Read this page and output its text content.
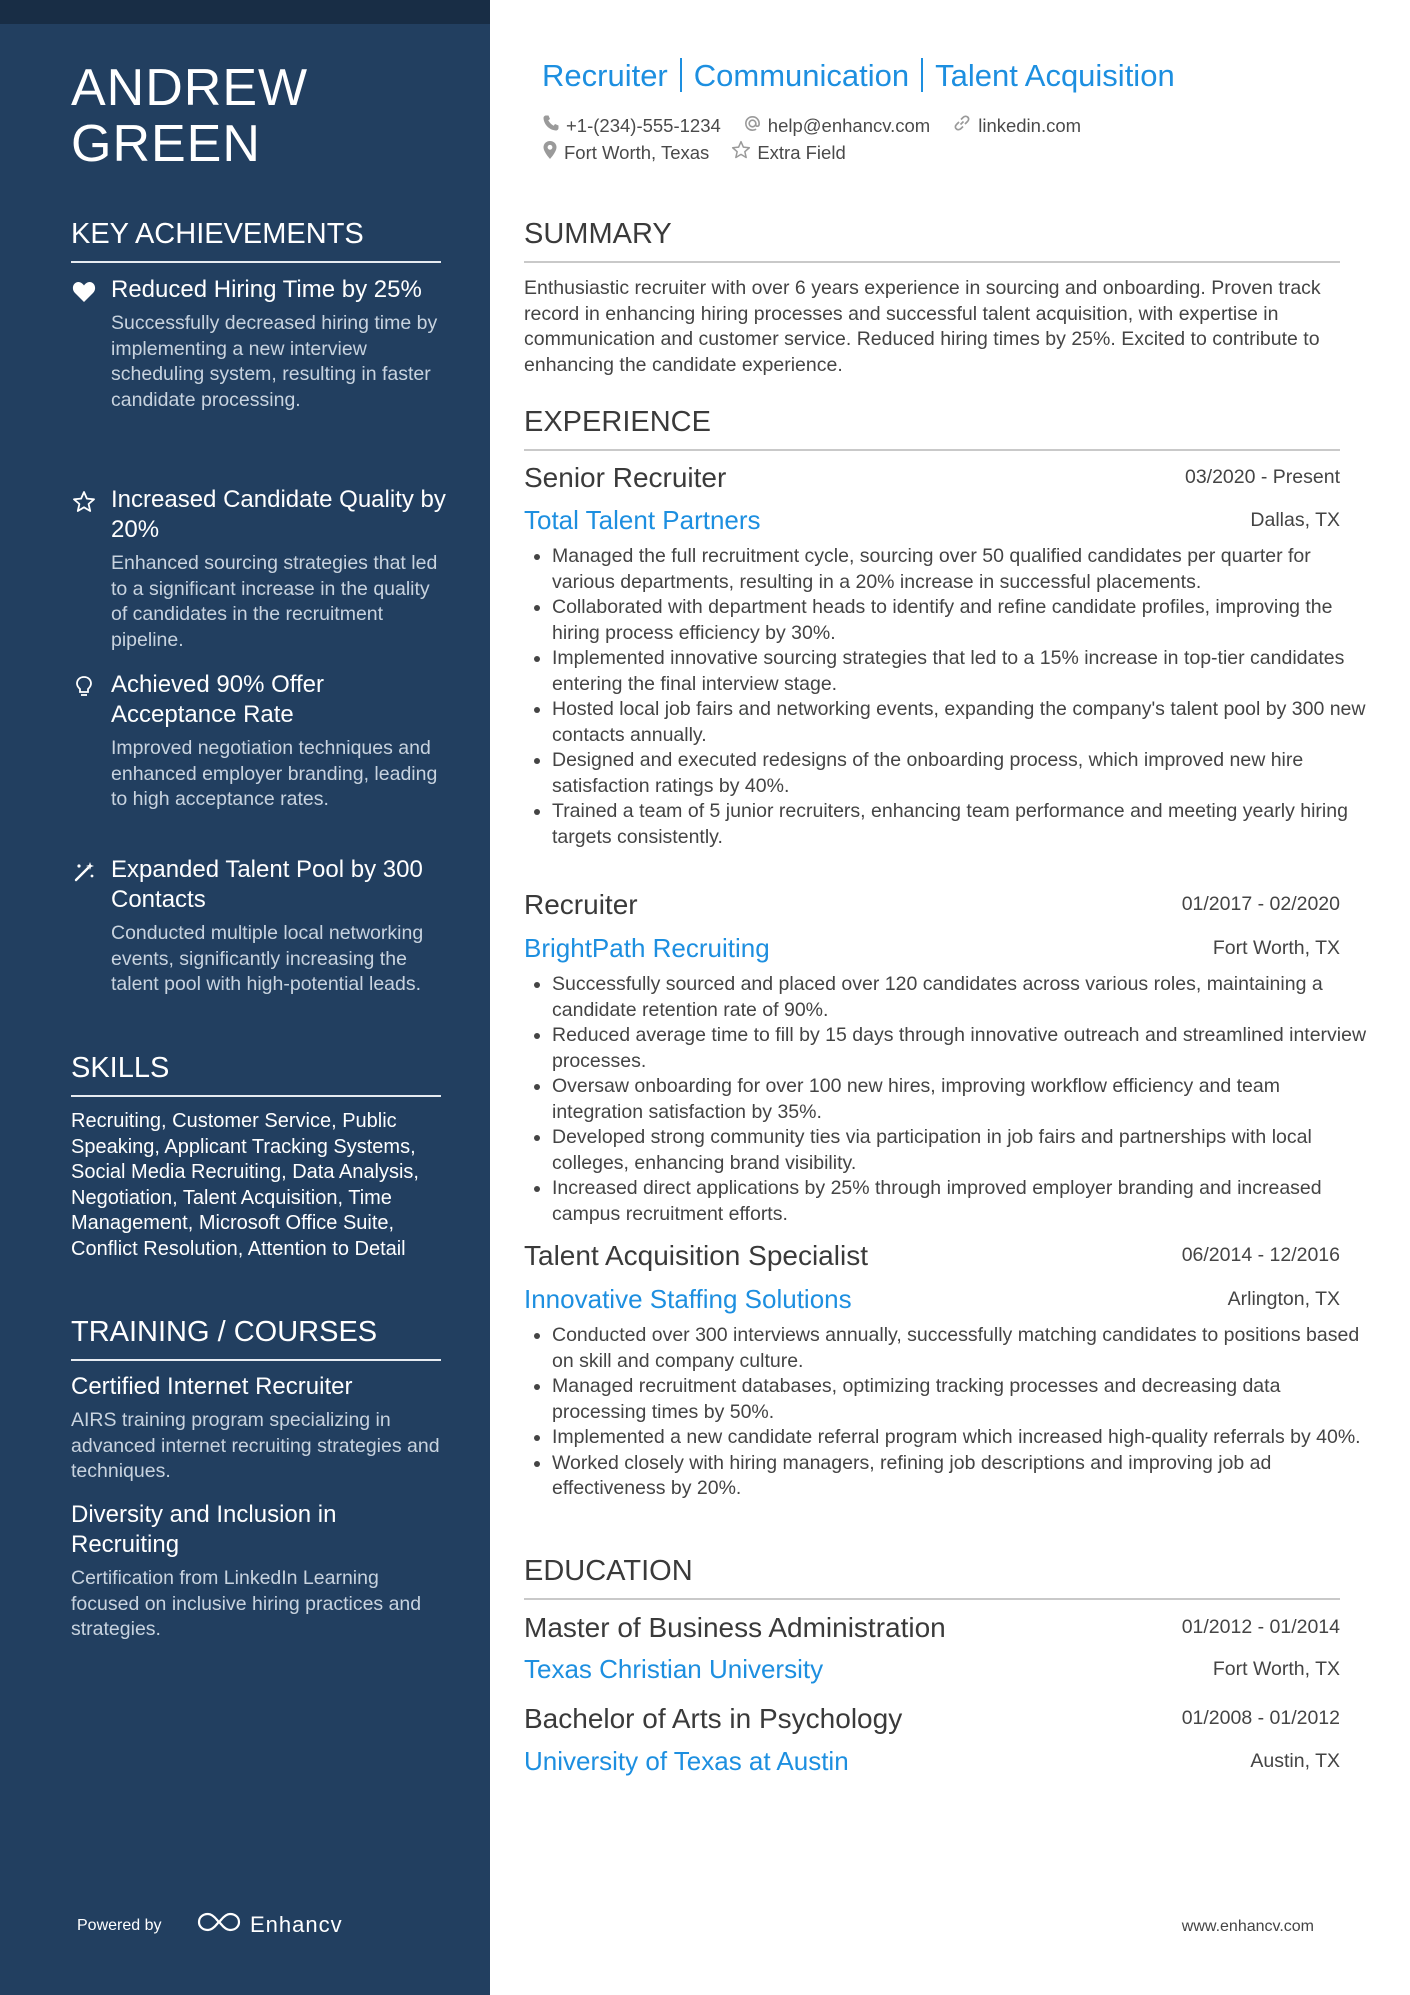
ANDREW GREEN
KEY ACHIEVEMENTS
Reduced Hiring Time by 25%
Successfully decreased hiring time by implementing a new interview scheduling system, resulting in faster candidate processing.
Increased Candidate Quality by 20%
Enhanced sourcing strategies that led to a significant increase in the quality of candidates in the recruitment pipeline.
Achieved 90% Offer Acceptance Rate
Improved negotiation techniques and enhanced employer branding, leading to high acceptance rates.
Expanded Talent Pool by 300 Contacts
Conducted multiple local networking events, significantly increasing the talent pool with high-potential leads.
SKILLS
Recruiting, Customer Service, Public Speaking, Applicant Tracking Systems, Social Media Recruiting, Data Analysis, Negotiation, Talent Acquisition, Time Management, Microsoft Office Suite, Conflict Resolution, Attention to Detail
TRAINING / COURSES
Certified Internet Recruiter
AIRS training program specializing in advanced internet recruiting strategies and techniques.
Diversity and Inclusion in Recruiting
Certification from LinkedIn Learning focused on inclusive hiring practices and strategies.
Powered by	Enhancv
Recruiter Communication Talent Acquisition
+1-(234)-555-1234	help@enhancv.com	linkedin.com
Fort Worth, Texas	Extra Field
SUMMARY
Enthusiastic recruiter with over 6 years experience in sourcing and onboarding. Proven track record in enhancing hiring processes and successful talent acquisition, with expertise in communication and customer service. Reduced hiring times by 25%. Excited to contribute to enhancing the candidate experience.
EXPERIENCE
Senior Recruiter	03/2020 - Present
Total Talent Partners	Dallas, TX
• Managed the full recruitment cycle, sourcing over 50 qualified candidates per quarter for various departments, resulting in a 20% increase in successful placements.
• Collaborated with department heads to identify and refine candidate profiles, improving the hiring process efficiency by 30%.
• Implemented innovative sourcing strategies that led to a 15% increase in top-tier candidates entering the final interview stage.
• Hosted local job fairs and networking events, expanding the company's talent pool by 300 new contacts annually.
• Designed and executed redesigns of the onboarding process, which improved new hire satisfaction ratings by 40%.
• Trained a team of 5 junior recruiters, enhancing team performance and meeting yearly hiring targets consistently.
Recruiter	01/2017 - 02/2020
BrightPath Recruiting	Fort Worth, TX
• Successfully sourced and placed over 120 candidates across various roles, maintaining a candidate retention rate of 90%.
• Reduced average time to fill by 15 days through innovative outreach and streamlined interview processes.
• Oversaw onboarding for over 100 new hires, improving workflow efficiency and team integration satisfaction by 35%.
• Developed strong community ties via participation in job fairs and partnerships with local colleges, enhancing brand visibility.
• Increased direct applications by 25% through improved employer branding and increased campus recruitment efforts.
Talent Acquisition Specialist	06/2014 - 12/2016
Innovative Staffing Solutions	Arlington, TX
• Conducted over 300 interviews annually, successfully matching candidates to positions based on skill and company culture.
• Managed recruitment databases, optimizing tracking processes and decreasing data processing times by 50%.
• Implemented a new candidate referral program which increased high-quality referrals by 40%.
• Worked closely with hiring managers, refining job descriptions and improving job ad effectiveness by 20%.
EDUCATION
Master of Business Administration	01/2012 - 01/2014
Texas Christian University	Fort Worth, TX
Bachelor of Arts in Psychology	01/2008 - 01/2012
University of Texas at Austin	Austin, TX
www.enhancv.com
